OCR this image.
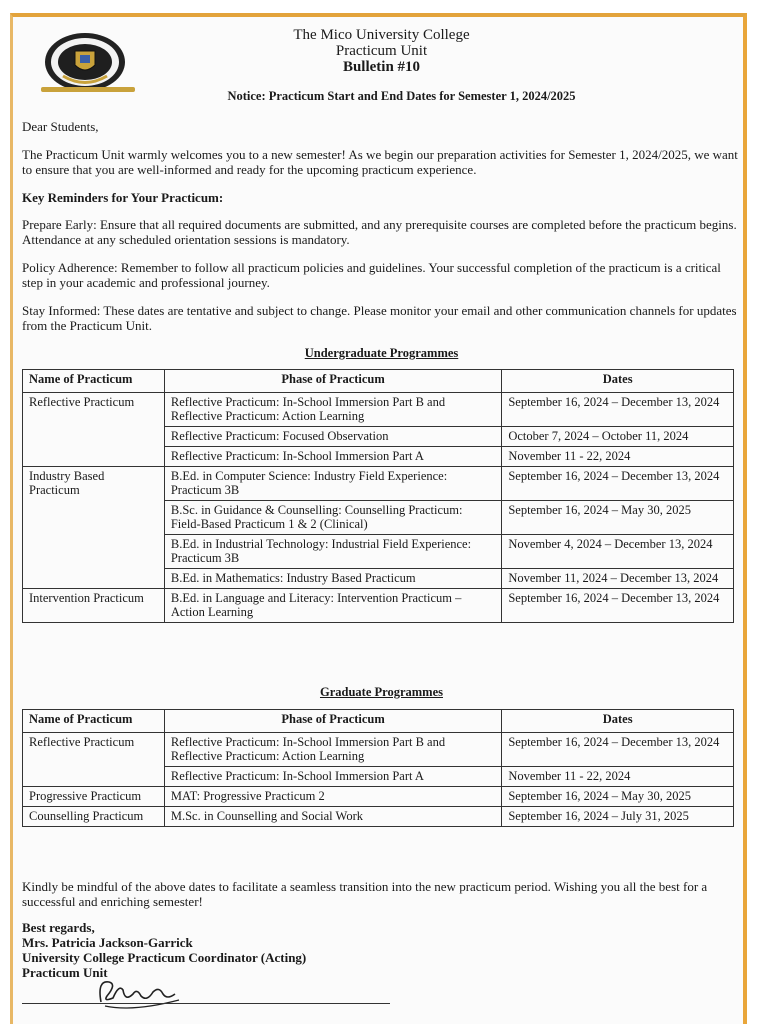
The Mico University College
Practicum Unit
Bulletin #10
Notice: Practicum Start and End Dates for Semester 1, 2024/2025
Dear Students,
The Practicum Unit warmly welcomes you to a new semester! As we begin our preparation activities for Semester 1, 2024/2025, we want to ensure that you are well-informed and ready for the upcoming practicum experience.
Key Reminders for Your Practicum:
Prepare Early: Ensure that all required documents are submitted, and any prerequisite courses are completed before the practicum begins. Attendance at any scheduled orientation sessions is mandatory.
Policy Adherence: Remember to follow all practicum policies and guidelines. Your successful completion of the practicum is a critical step in your academic and professional journey.
Stay Informed: These dates are tentative and subject to change. Please monitor your email and other communication channels for updates from the Practicum Unit.
Undergraduate Programmes
Name of Practicum	Phase of Practicum	Dates
Reflective Practicum	Reflective Practicum: In-School Immersion Part B and Reflective Practicum: Action Learning	September 16, 2024 – December 13, 2024
	Reflective Practicum: Focused Observation	October 7, 2024 – October 11, 2024
	Reflective Practicum: In-School Immersion Part A	November 11 - 22, 2024
Industry Based Practicum	B.Ed. in Computer Science: Industry Field Experience: Practicum 3B	September 16, 2024 – December 13, 2024
	B.Sc. in Guidance & Counselling: Counselling Practicum: Field-Based Practicum 1 & 2 (Clinical)	September 16, 2024 – May 30, 2025
	B.Ed. in Industrial Technology: Industrial Field Experience: Practicum 3B	November 4, 2024 – December 13, 2024
	B.Ed. in Mathematics: Industry Based Practicum	November 11, 2024 – December 13, 2024
Intervention Practicum	B.Ed. in Language and Literacy: Intervention Practicum – Action Learning	September 16, 2024 – December 13, 2024
Graduate Programmes
Name of Practicum	Phase of Practicum	Dates
Reflective Practicum	Reflective Practicum: In-School Immersion Part B and Reflective Practicum: Action Learning	September 16, 2024 – December 13, 2024
	Reflective Practicum: In-School Immersion Part A	November 11 - 22, 2024
Progressive Practicum	MAT: Progressive Practicum 2	September 16, 2024 – May 30, 2025
Counselling Practicum	M.Sc. in Counselling and Social Work	September 16, 2024 – July 31, 2025
Kindly be mindful of the above dates to facilitate a seamless transition into the new practicum period. Wishing you all the best for a successful and enriching semester!
Best regards,
Mrs. Patricia Jackson-Garrick
University College Practicum Coordinator (Acting)
Practicum Unit
